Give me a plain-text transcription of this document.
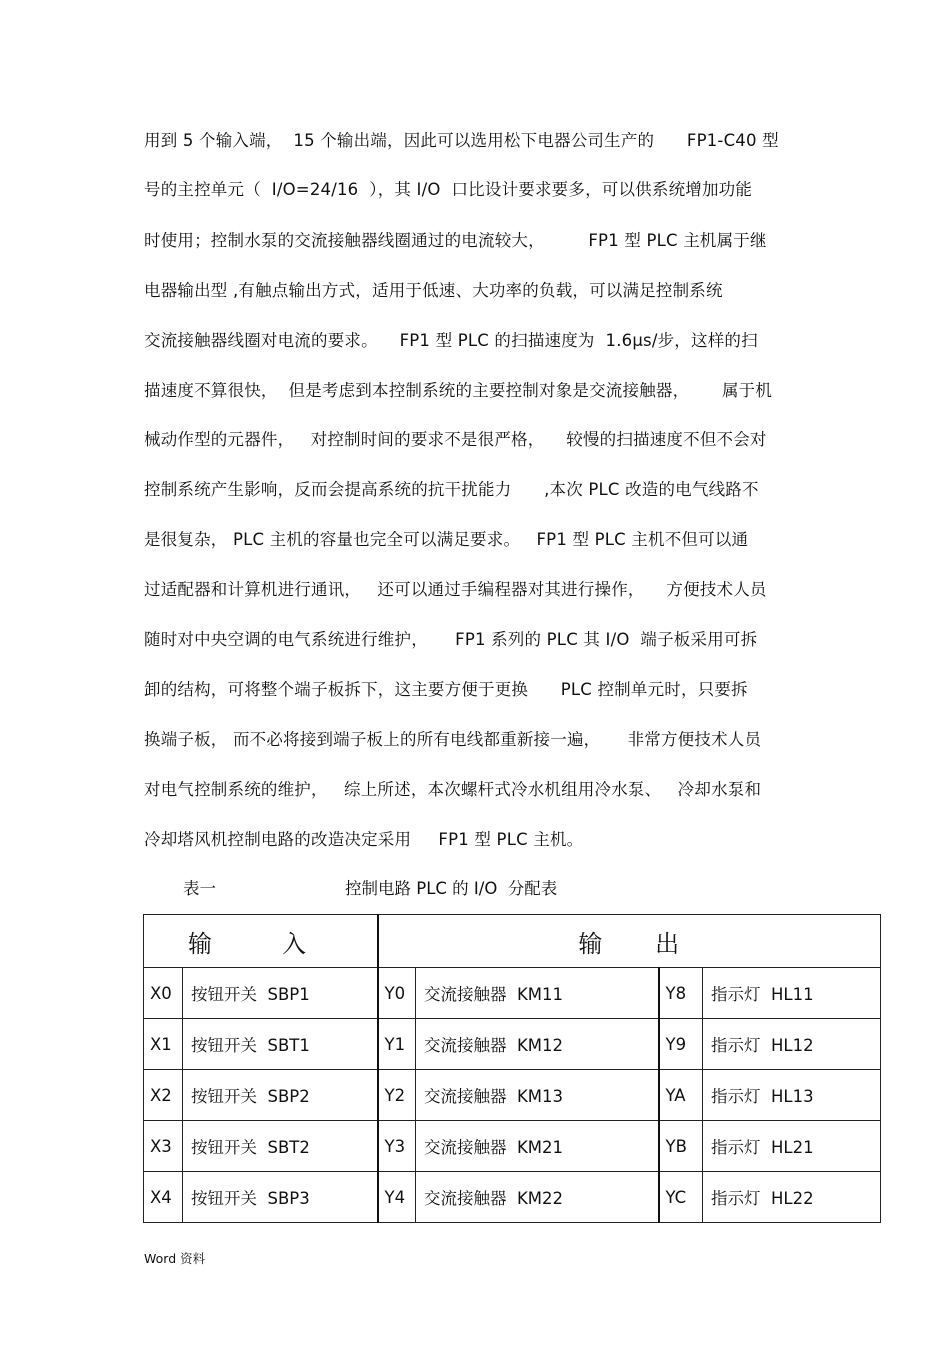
用到 5 个输入端，  15 个输出端，因此可以选用松下电器公司生产的      FP1-C40 型
号的主控单元（  I/O=24/16  ），其 I/O  口比设计要求要多，可以供系统增加功能
时使用；控制水泵的交流接触器线圈通过的电流较大，        FP1 型 PLC 主机属于继
电器输出型 ,有触点输出方式，适用于低速、大功率的负载，可以满足控制系统
交流接触器线圈对电流的要求。    FP1 型 PLC 的扫描速度为  1.6μs/步，这样的扫
描速度不算很快，  但是考虑到本控制系统的主要控制对象是交流接触器，      属于机
械动作型的元器件，   对控制时间的要求不是很严格，    较慢的扫描速度不但不会对
控制系统产生影响，反而会提高系统的抗干扰能力      ,本次 PLC 改造的电气线路不
是很复杂， PLC 主机的容量也完全可以满足要求。   FP1 型 PLC 主机不但可以通
过适配器和计算机进行通讯，   还可以通过手编程器对其进行操作，    方便技术人员
随时对中央空调的电气系统进行维护，     FP1 系列的 PLC 其 I/O  端子板采用可拆
卸的结构，可将整个端子板拆下，这主要方便于更换      PLC 控制单元时，只要拆
换端子板， 而不必将接到端子板上的所有电线都重新接一遍，     非常方便技术人员
对电气控制系统的维护，   综上所述，本次螺杆式冷水机组用冷水泵、   冷却水泵和
冷却塔风机控制电路的改造决定采用     FP1 型 PLC 主机。
表一	控制电路 PLC 的 I/O  分配表
输        入		输      出			
X0	按钮开关  SBP1	Y0	交流接触器  KM11	Y8	指示灯  HL11
X1	按钮开关  SBT1	Y1	交流接触器  KM12	Y9	指示灯  HL12
X2	按钮开关  SBP2	Y2	交流接触器  KM13	YA	指示灯  HL13
X3	按钮开关  SBT2	Y3	交流接触器  KM21	YB	指示灯  HL21
X4	按钮开关  SBP3	Y4	交流接触器  KM22	YC	指示灯  HL22
Word 资料
